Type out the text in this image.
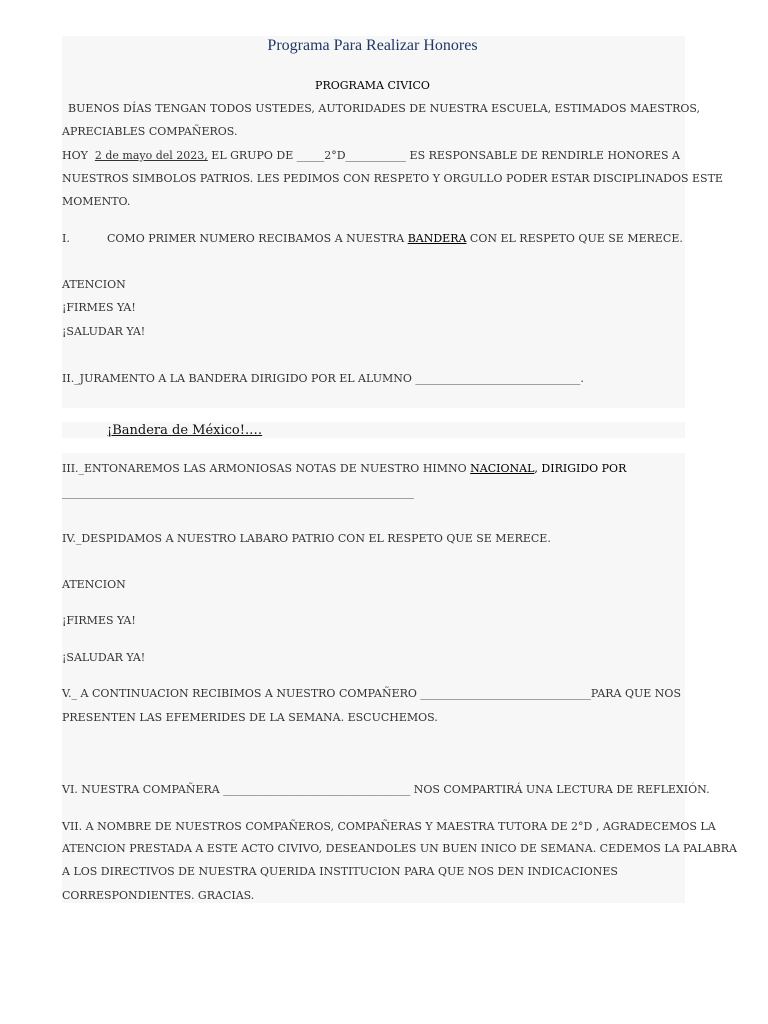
Programa Para Realizar Honores
PROGRAMA CIVICO
BUENOS DÍAS TENGAN TODOS USTEDES, AUTORIDADES DE NUESTRA ESCUELA, ESTIMADOS MAESTROS,
APRECIABLES COMPAÑEROS.
HOY 2 de mayo del 2023, EL GRUPO DE _____2°D___________ ES RESPONSABLE DE RENDIRLE HONORES A
NUESTROS SIMBOLOS PATRIOS. LES PEDIMOS CON RESPETO Y ORGULLO PODER ESTAR DISCIPLINADOS ESTE
MOMENTO.
I.	COMO PRIMER NUMERO RECIBAMOS A NUESTRA BANDERA CON EL RESPETO QUE SE MERECE.
ATENCION
¡FIRMES YA!
¡SALUDAR YA!
II._JURAMENTO A LA BANDERA DIRIGIDO POR EL ALUMNO ______________________________.
¡Bandera de México!.…
III._ENTONAREMOS LAS ARMONIOSAS NOTAS DE NUESTRO HIMNO NACIONAL, DIRIGIDO POR
________________________________________________________________
IV._DESPIDAMOS A NUESTRO LABARO PATRIO CON EL RESPETO QUE SE MERECE.
ATENCION
¡FIRMES YA!
¡SALUDAR YA!
V._ A CONTINUACION RECIBIMOS A NUESTRO COMPAÑERO _______________________________PARA QUE NOS
PRESENTEN LAS EFEMERIDES DE LA SEMANA. ESCUCHEMOS.
VI. NUESTRA COMPAÑERA __________________________________ NOS COMPARTIRÁ UNA LECTURA DE REFLEXIÓN.
VII. A NOMBRE DE NUESTROS COMPAÑEROS, COMPAÑERAS Y MAESTRA TUTORA DE 2°D , AGRADECEMOS LA
ATENCION PRESTADA A ESTE ACTO CIVIVO, DESEANDOLES UN BUEN INICO DE SEMANA. CEDEMOS LA PALABRA
A LOS DIRECTIVOS DE NUESTRA QUERIDA INSTITUCION PARA QUE NOS DEN INDICACIONES
CORRESPONDIENTES. GRACIAS.
